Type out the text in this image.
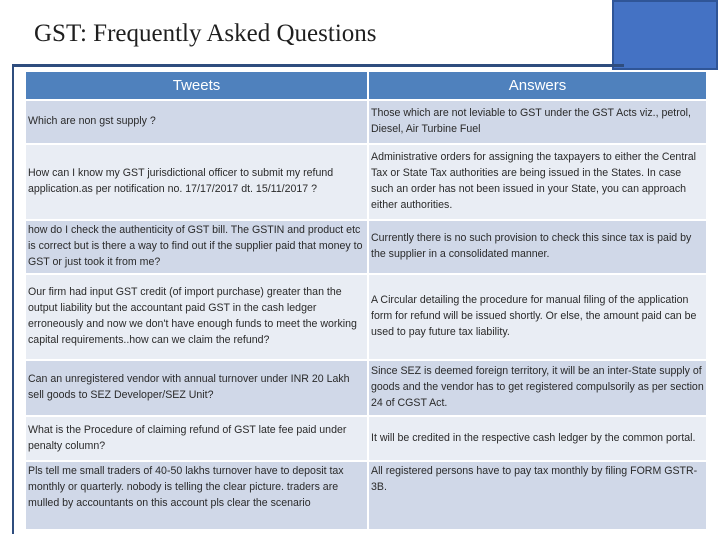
GST: Frequently Asked Questions
Tweets	Answers
Which are non gst supply ?	Those which are not leviable to GST under the GST Acts viz., petrol, Diesel, Air Turbine Fuel
How can I know my GST jurisdictional officer to submit my refund application.as per notification no. 17/17/2017 dt. 15/11/2017 ?	Administrative orders for assigning the taxpayers to either the Central Tax or State Tax authorities are being issued in the States. In case such an order has not been issued in your State, you can approach either authorities.
how do I check the authenticity of GST bill. The GSTIN and product etc is correct but is there a way to find out if the supplier paid that money to GST or just took it from me?	Currently there is no such provision to check this since tax is paid by the supplier in a consolidated manner.
Our firm had input GST credit (of import purchase) greater than the output liability but the accountant paid GST in the cash ledger erroneously and now we don't have enough funds to meet the working capital requirements..how can we claim the refund?	A Circular detailing the procedure for manual filing of the application form for refund will be issued shortly. Or else, the amount paid can be used to pay future tax liability.
Can an unregistered vendor with annual turnover under INR 20 Lakh sell goods to SEZ Developer/SEZ Unit?	Since SEZ is deemed foreign territory, it will be an inter-State supply of goods and the vendor has to get registered compulsorily as per section 24 of CGST Act.
What is the Procedure of claiming refund of GST late fee paid under penalty column?	It will be credited in the respective cash ledger by the common portal.
Pls tell me small traders of 40-50 lakhs turnover have to deposit tax monthly or quarterly. nobody is telling the clear picture. traders are mulled by accountants on this account pls clear the scenario	All registered persons have to pay tax monthly by filing FORM GSTR-3B.
